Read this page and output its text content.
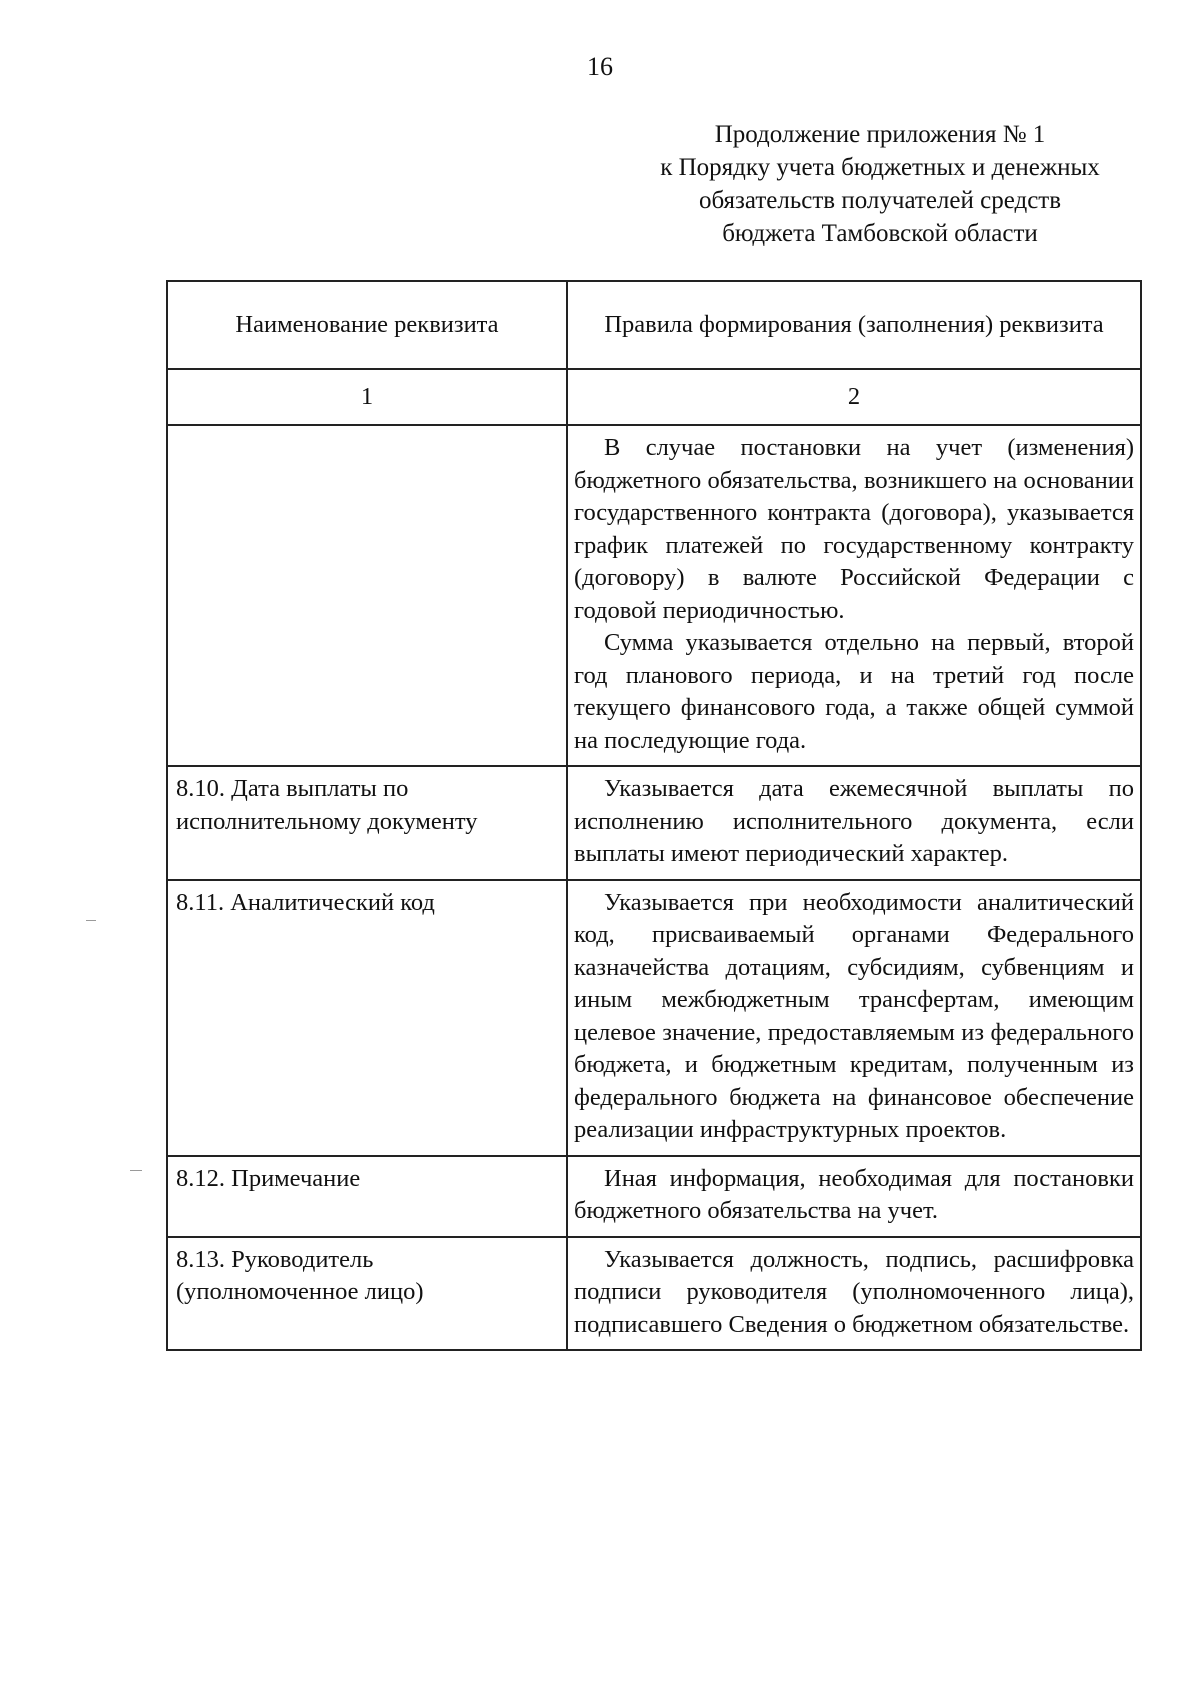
16
Продолжение приложения № 1
к Порядку учета бюджетных и денежных
обязательств получателей средств
бюджета Тамбовской области
Наименование реквизита	Правила формирования (заполнения) реквизита
1	2

	В случае постановки на учет (изменения) бюджетного обязательства, возникшего на основании государственного контракта (договора), указывается график платежей по государственному контракту (договору) в валюте Российской Федерации с годовой периодичностью.
Сумма указывается отдельно на первый, второй год планового периода, и на третий год после текущего финансового года, а также общей суммой на последующие года.

8.10. Дата выплаты по исполнительному документу	Указывается дата ежемесячной выплаты по исполнению исполнительного документа, если выплаты имеют периодический характер.

8.11. Аналитический код	Указывается при необходимости аналитический код, присваиваемый органами Федерального казначейства дотациям, субсидиям, субвенциям и иным межбюджетным трансфертам, имеющим целевое значение, предоставляемым из федерального бюджета, и бюджетным кредитам, полученным из федерального бюджета на финансовое обеспечение реализации инфраструктурных проектов.

8.12. Примечание	Иная информация, необходимая для постановки бюджетного обязательства на учет.

8.13. Руководитель (уполномоченное лицо)	Указывается должность, подпись, расшифровка подписи руководителя (уполномоченного лица), подписавшего Сведения о бюджетном обязательстве.
